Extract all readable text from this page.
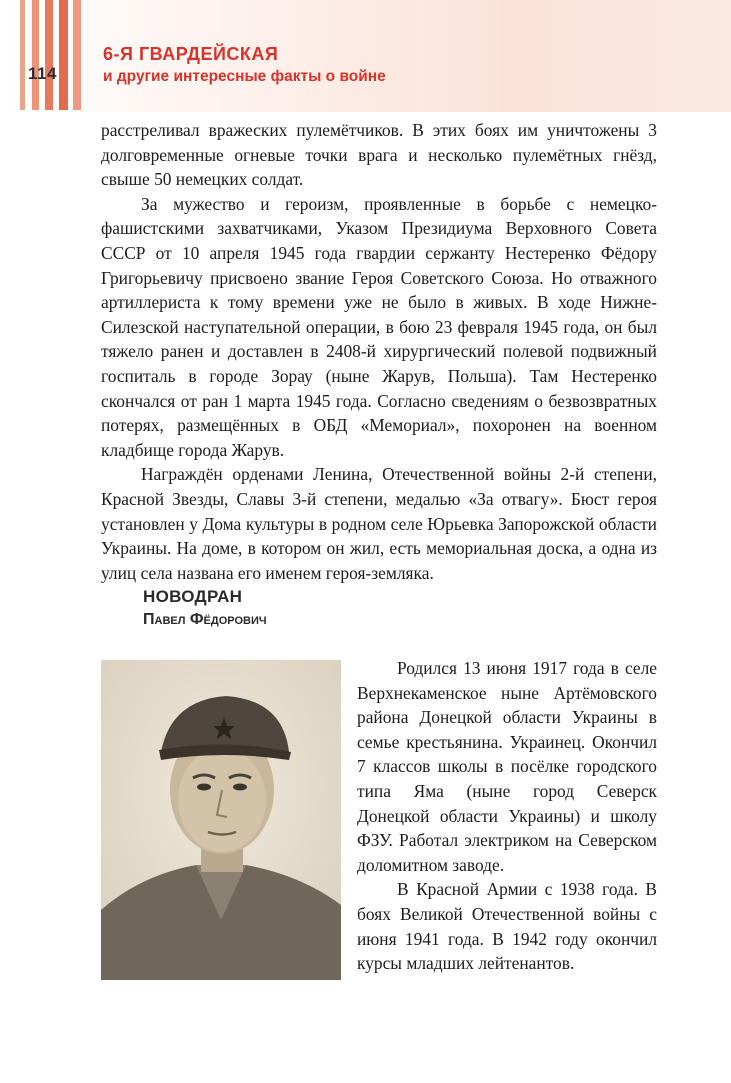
114
6-Я ГВАРДЕЙСКАЯ
и другие интересные факты о войне

расстреливал вражеских пулемётчиков. В этих боях им уничтожены 3 долговременные огневые точки врага и несколько пулемётных гнёзд, свыше 50 немецких солдат.

За мужество и героизм, проявленные в борьбе с немецко-фашистскими захватчиками, Указом Президиума Верховного Совета СССР от 10 апреля 1945 года гвардии сержанту Нестеренко Фёдору Григорьевичу присвоено звание Героя Советского Союза. Но отважного артиллериста к тому времени уже не было в живых. В ходе Нижне-Силезской наступательной операции, в бою 23 февраля 1945 года, он был тяжело ранен и доставлен в 2408-й хирургический полевой подвижный госпиталь в городе Зорау (ныне Жарув, Польша). Там Нестеренко скончался от ран 1 марта 1945 года. Согласно сведениям о безвозвратных потерях, размещённых в ОБД «Мемориал», похоронен на военном кладбище города Жарув.

Награждён орденами Ленина, Отечественной войны 2-й степени, Красной Звезды, Славы 3-й степени, медалью «За отвагу». Бюст героя установлен у Дома культуры в родном селе Юрьевка Запорожской области Украины. На доме, в котором он жил, есть мемориальная доска, а одна из улиц села названа его именем героя-земляка.

НОВОДРАН
Павел Фёдорович

Родился 13 июня 1917 года в селе Верхнекаменское ныне Артёмовского района Донецкой области Украины в семье крестьянина. Украинец. Окончил 7 классов школы в посёлке городского типа Яма (ныне город Северск Донецкой области Украины) и школу ФЗУ. Работал электриком на Северском доломитном заводе.

В Красной Армии с 1938 года. В боях Великой Отечественной войны с июня 1941 года. В 1942 году окончил курсы младших лейтенантов.
